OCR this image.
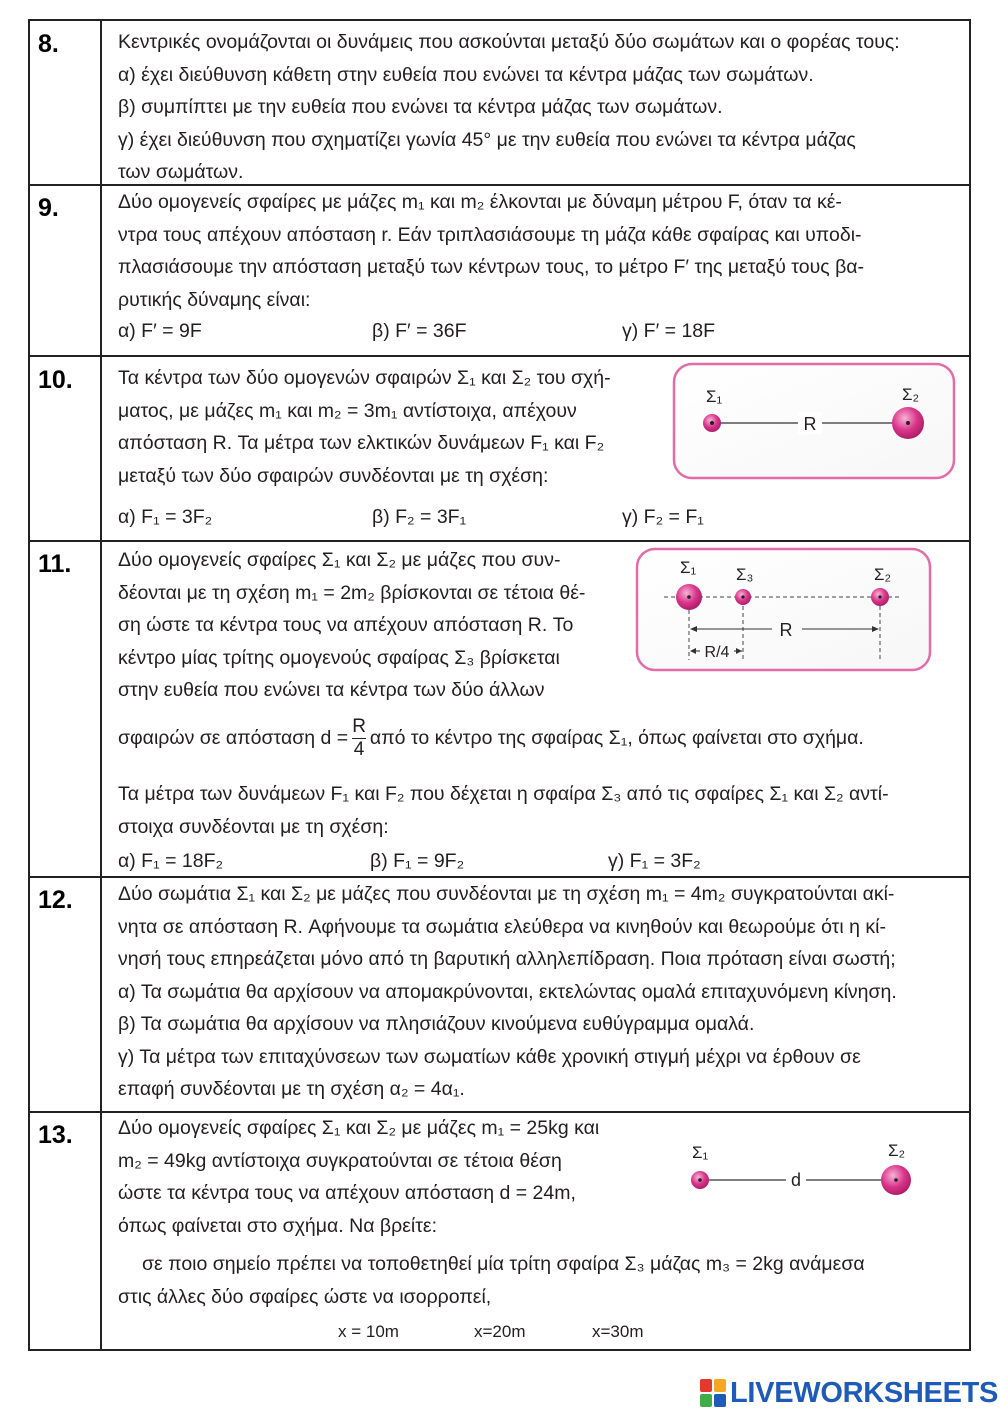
8.	Κεντρικές ονομάζονται οι δυνάμεις που ασκούνται μεταξύ δύο σωμάτων και ο φορέας τους:

α) έχει διεύθυνση κάθετη στην ευθεία που ενώνει τα κέντρα μάζας των σωμάτων.

β) συμπίπτει με την ευθεία που ενώνει τα κέντρα μάζας των σωμάτων.

γ) έχει διεύθυνση που σχηματίζει γωνία 45° με την ευθεία που ενώνει τα κέντρα μάζας

των σωμάτων.

9.	Δύο ομογενείς σφαίρες με μάζες m₁ και m₂ έλκονται με δύναμη μέτρου F, όταν τα κέ-

ντρα τους απέχουν απόσταση r. Εάν τριπλασιάσουμε τη μάζα κάθε σφαίρας και υποδι-

πλασιάσουμε την απόσταση μεταξύ των κέντρων τους, το μέτρο F′ της μεταξύ τους βα-

ρυτικής δύναμης είναι:

α) F′ = 9F	β) F′ = 36F	γ) F′ = 18F
10. Τα κέντρα των δύο ομογενών σφαιρών Σ₁ και Σ₂ του σχή-

ματος, με μάζες m₁ και m₂ = 3m₁ αντίστοιχα, απέχουν

απόσταση R. Τα μέτρα των ελκτικών δυνάμεων F₁ και F₂

μεταξύ των δύο σφαιρών συνδέονται με τη σχέση:

α) F₁ = 3F₂	β) F₂ = 3F₁	γ) F₂ = F₁
R
Σ₁	Σ₂
11. Δύο ομογενείς σφαίρες Σ₁ και Σ₂ με μάζες που συν-

δέονται με τη σχέση m₁ = 2m₂ βρίσκονται σε τέτοια θέ-

ση ώστε τα κέντρα τους να απέχουν απόσταση R. Το

κέντρο μίας τρίτης ομογενούς σφαίρας Σ₃ βρίσκεται

στην ευθεία που ενώνει τα κέντρα των δύο άλλων

σφαιρών σε απόσταση $d = \frac{R}{4}$ από το κέντρο της σφαίρας Σ₁, όπως φαίνεται στο σχήμα.

Τα μέτρα των δυνάμεων F₁ και F₂ που δέχεται η σφαίρα Σ₃ από τις σφαίρες Σ₁ και Σ₂ αντί-

στοιχα συνδέονται με τη σχέση:

α) F₁ = 18F₂	β) F₁ = 9F₂	γ) F₁ = 3F₂
R
R/4
Σ₁ Σ₃	Σ₂
12. Δύο σωμάτια Σ₁ και Σ₂ με μάζες που συνδέονται με τη σχέση m₁ = 4m₂ συγκρατούνται ακί-

νητα σε απόσταση R. Αφήνουμε τα σωμάτια ελεύθερα να κινηθούν και θεωρούμε ότι η κί-

νησή τους επηρεάζεται μόνο από τη βαρυτική αλληλεπίδραση. Ποια πρόταση είναι σωστή;

α) Τα σωμάτια θα αρχίσουν να απομακρύνονται, εκτελώντας ομαλά επιταχυνόμενη κίνηση.

β) Τα σωμάτια θα αρχίσουν να πλησιάζουν κινούμενα ευθύγραμμα ομαλά.

γ) Τα μέτρα των επιταχύνσεων των σωματίων κάθε χρονική στιγμή μέχρι να έρθουν σε

επαφή συνδέονται με τη σχέση α₂ = 4α₁.

13. Δύο ομογενείς σφαίρες Σ₁ και Σ₂ με μάζες m₁ = 25kg και

m₂ = 49kg αντίστοιχα συγκρατούνται σε τέτοια θέση

ώστε τα κέντρα τους να απέχουν απόσταση d = 24m,

όπως φαίνεται στο σχήμα. Να βρείτε:

σε ποιο σημείο πρέπει να τοποθετηθεί μία τρίτη σφαίρα Σ₃ μάζας m₃ = 2kg ανάμεσα

στις άλλες δύο σφαίρες ώστε να ισορροπεί,

x = 10m	x=20m	x=30m
d
Σ₁	Σ₂
LIVEWORKSHEETS
